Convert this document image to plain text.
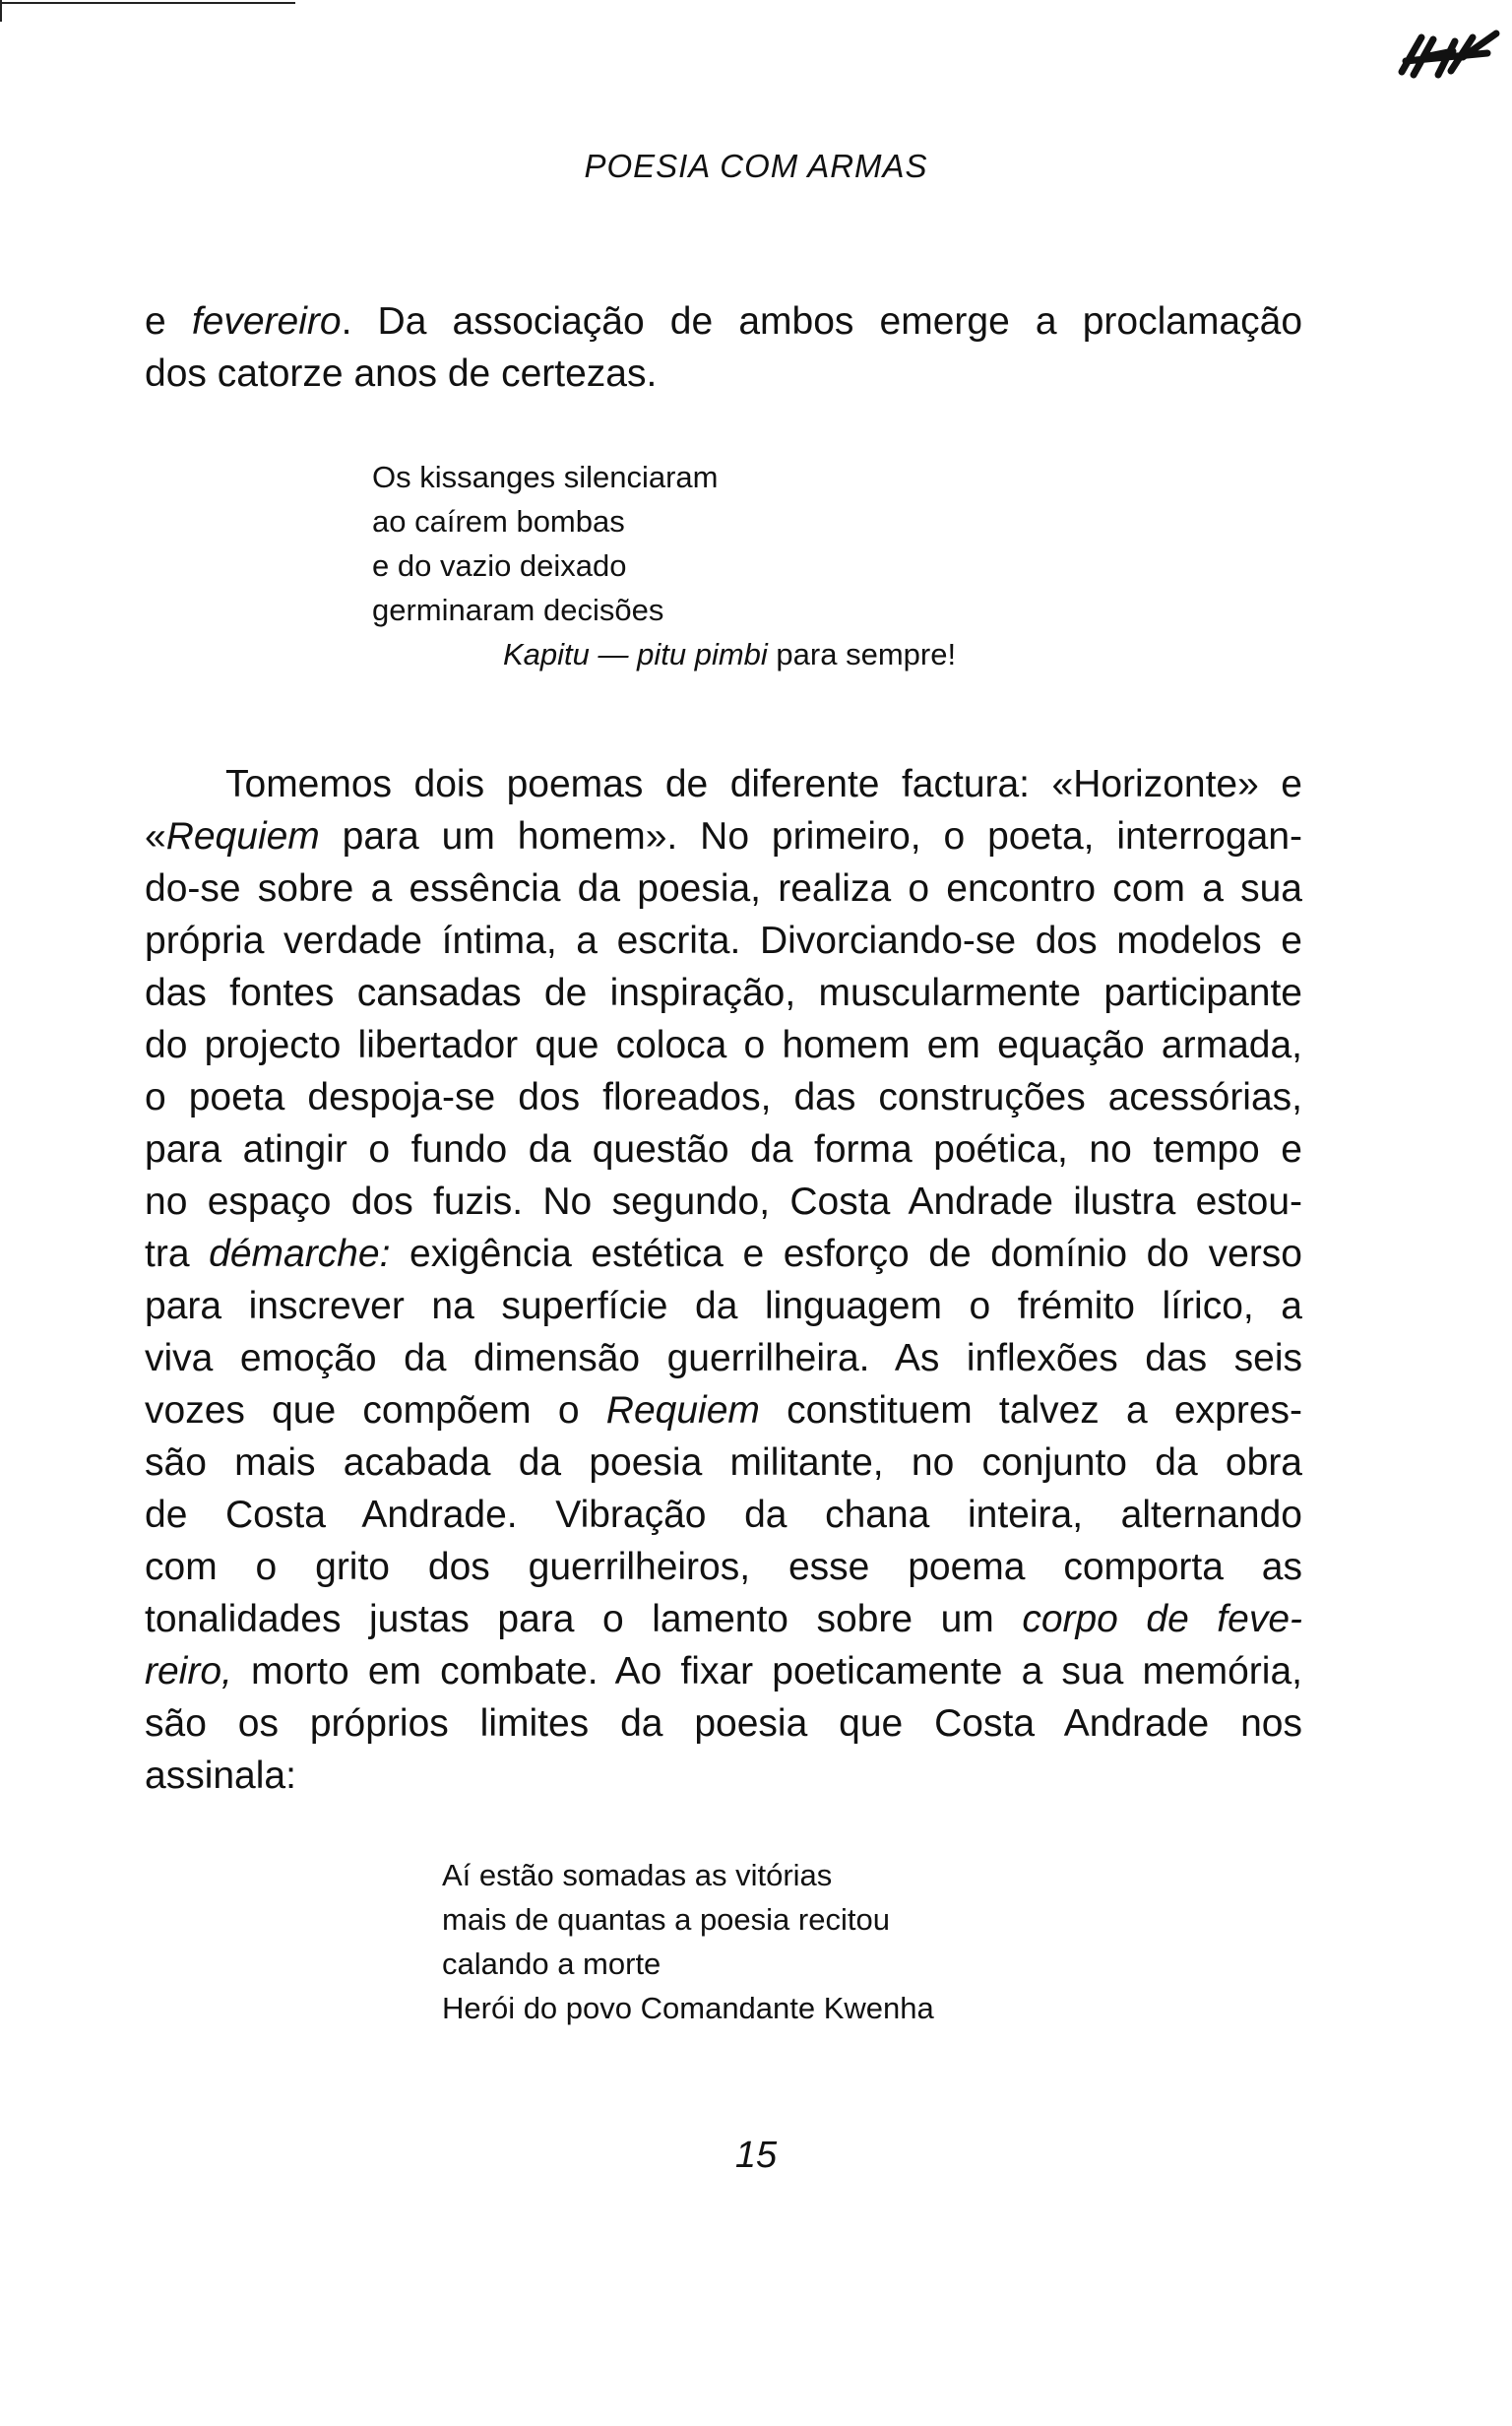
POESIA COM ARMAS
e fevereiro. Da associação de ambos emerge a proclamação
dos catorze anos de certezas.
Os kissanges silenciaram
ao caírem bombas
e do vazio deixado
germinaram decisões
Kapitu — pitu pimbi para sempre!
Tomemos dois poemas de diferente factura: «Horizonte» e
«Requiem para um homem». No primeiro, o poeta, interrogan-
do-se sobre a essência da poesia, realiza o encontro com a sua
própria verdade íntima, a escrita. Divorciando-se dos modelos e
das fontes cansadas de inspiração, muscularmente participante
do projecto libertador que coloca o homem em equação armada,
o poeta despoja-se dos floreados, das construções acessórias,
para atingir o fundo da questão da forma poética, no tempo e
no espaço dos fuzis. No segundo, Costa Andrade ilustra estou-
tra démarche: exigência estética e esforço de domínio do verso
para inscrever na superfície da linguagem o frémito lírico, a
viva emoção da dimensão guerrilheira. As inflexões das seis
vozes que compõem o Requiem constituem talvez a expres-
são mais acabada da poesia militante, no conjunto da obra
de Costa Andrade. Vibração da chana inteira, alternando
com o grito dos guerrilheiros, esse poema comporta as
tonalidades justas para o lamento sobre um corpo de feve-
reiro, morto em combate. Ao fixar poeticamente a sua memória,
são os próprios limites da poesia que Costa Andrade nos
assinala:
Aí estão somadas as vitórias
mais de quantas a poesia recitou
calando a morte
Herói do povo Comandante Kwenha
15
